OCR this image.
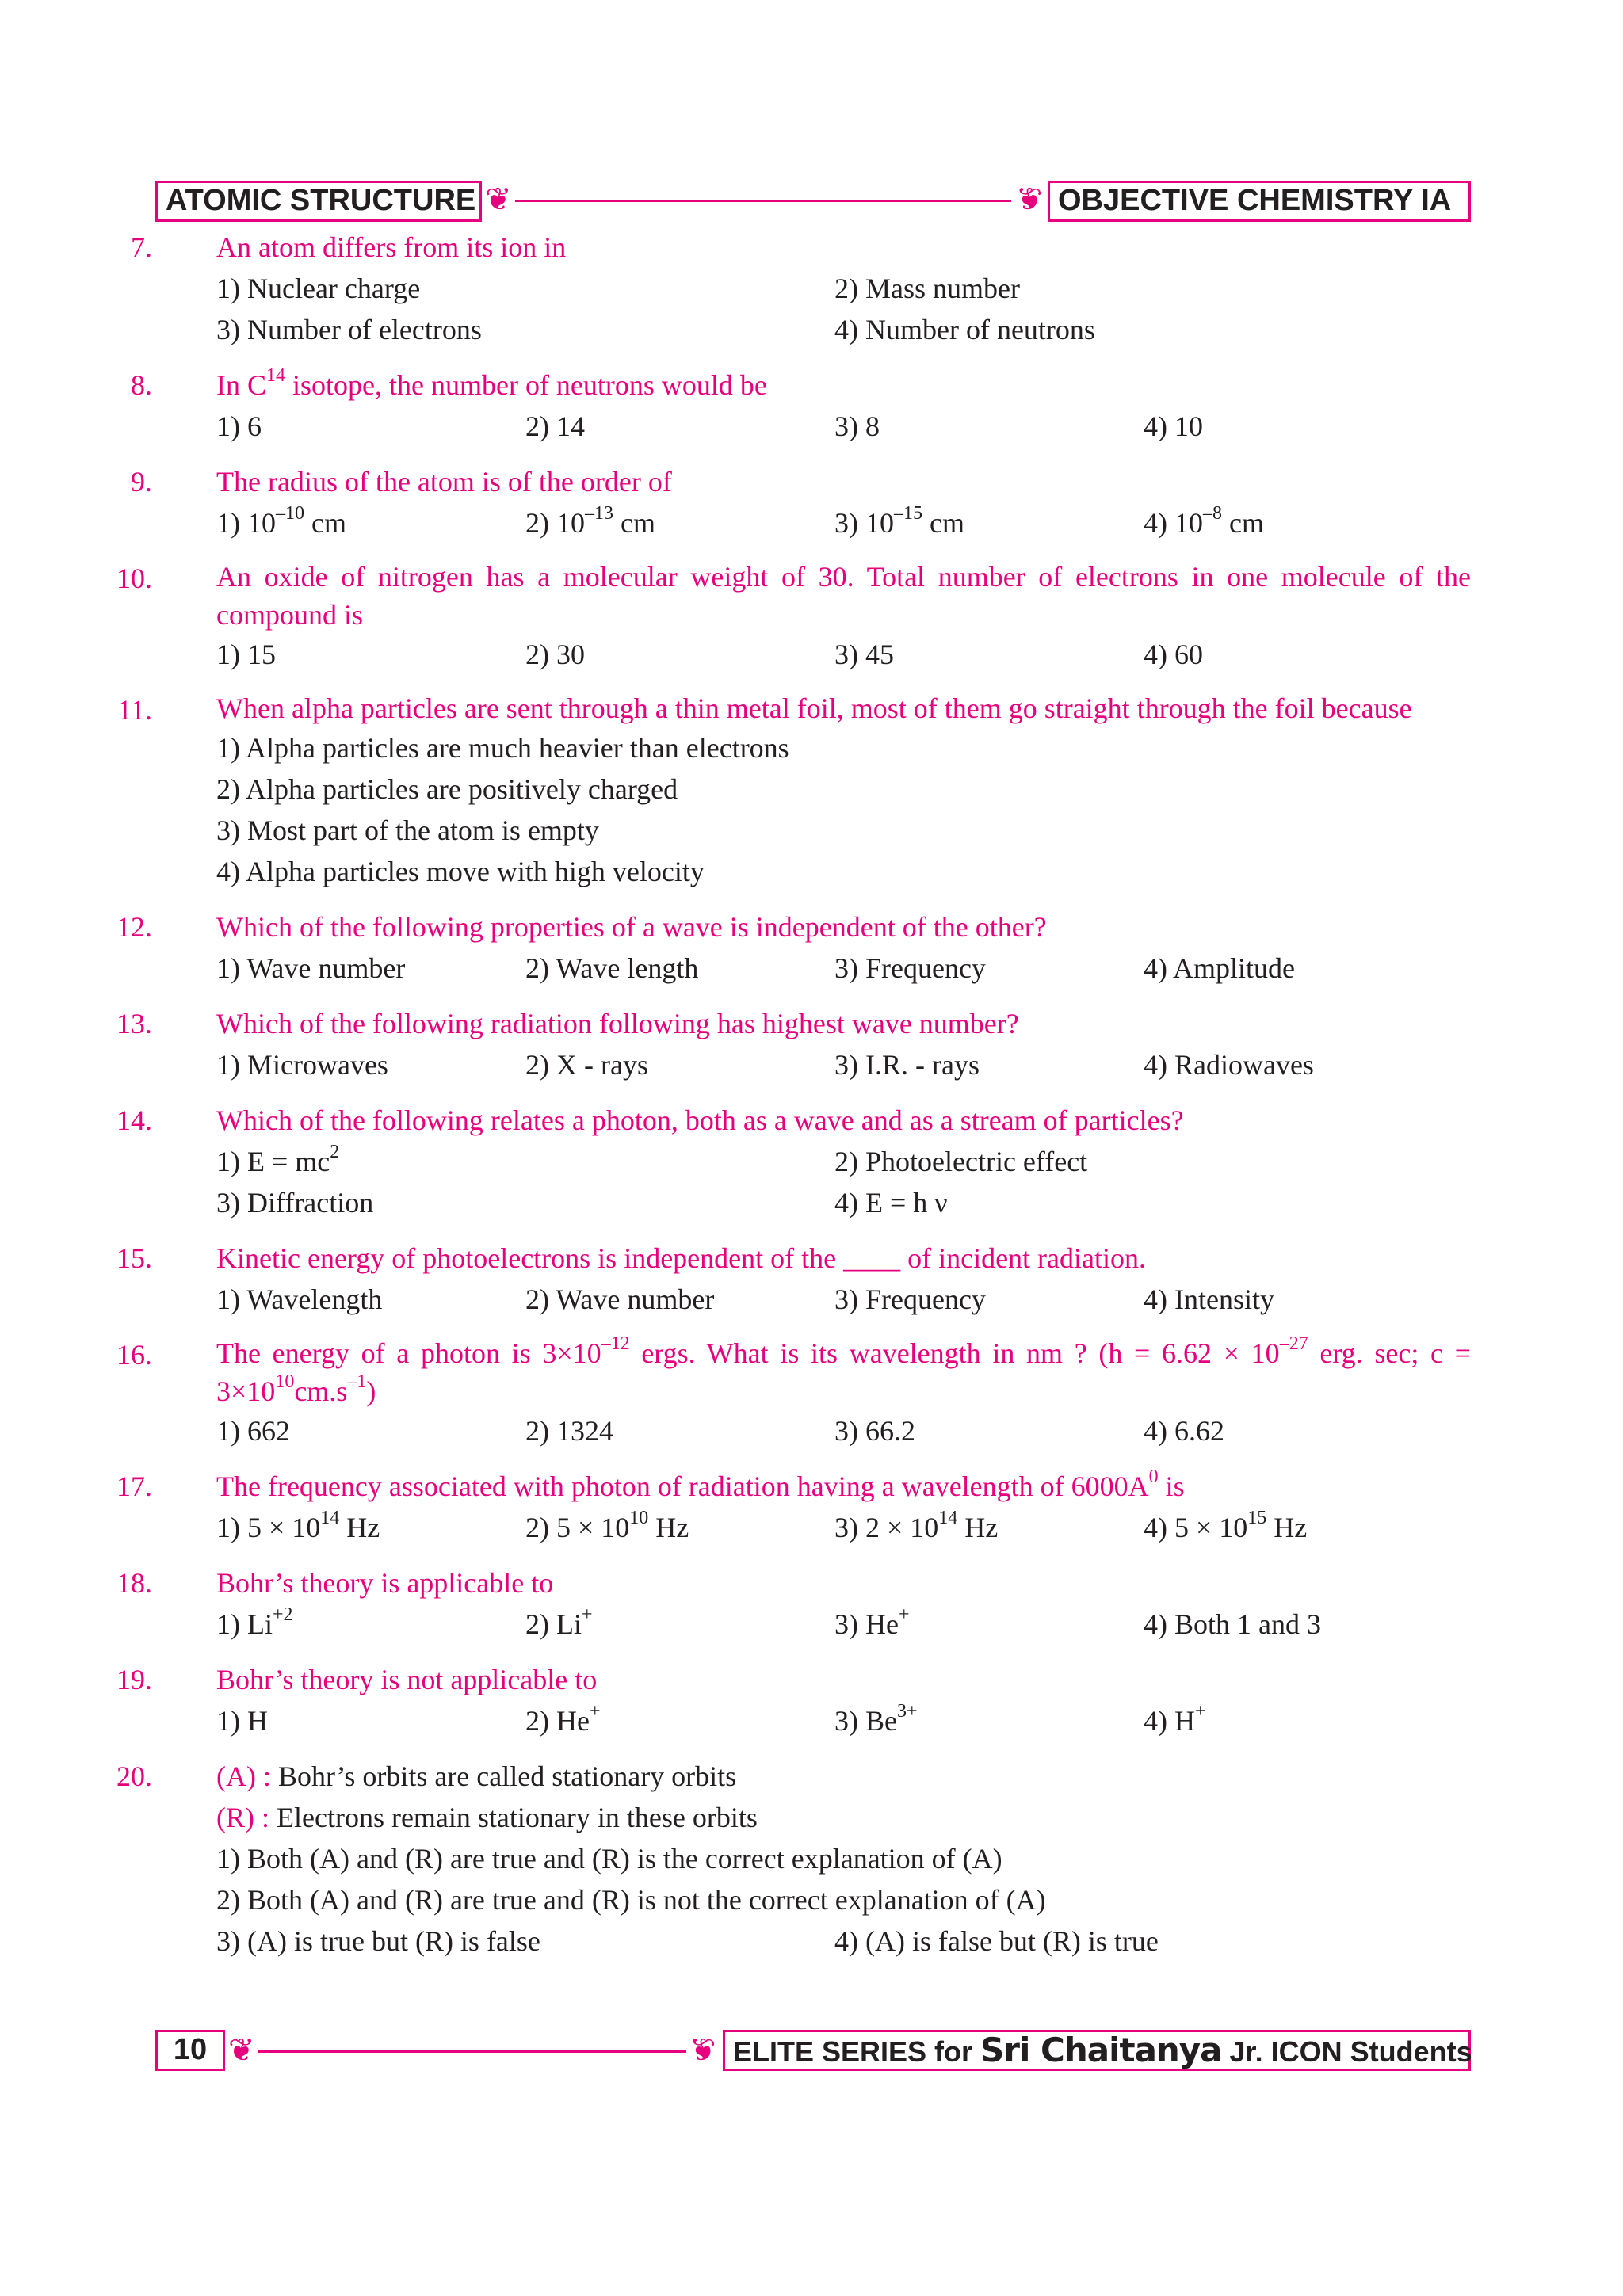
ATOMIC STRUCTURE ❦	❦ OBJECTIVE CHEMISTRY IA
7.	An atom differs from its ion in
1) Nuclear charge	2) Mass number
3) Number of electrons	4) Number of neutrons
8.	In $C^{14}$ isotope, the number of neutrons would be
1) 6	2) 14	3) 8	4) 10
9.	The radius of the atom is of the order of
1) $10^{-10}$ cm	2) $10^{-13}$ cm	3) $10^{-15}$ cm	4) $10^{-8}$ cm
10.	An oxide of nitrogen has a molecular weight of 30. Total number of electrons in one molecule of the compound is
1) 15	2) 30	3) 45	4) 60
11.	When alpha particles are sent through a thin metal foil, most of them go straight through the foil because
1) Alpha particles are much heavier than electrons
2) Alpha particles are positively charged
3) Most part of the atom is empty
4) Alpha particles move with high velocity
12.	Which of the following properties of a wave is independent of the other?
1) Wave number	2) Wave length	3) Frequency	4) Amplitude
13.	Which of the following radiation following has highest wave number?
1) Microwaves	2) X - rays	3) I.R. - rays	4) Radiowaves
14.	Which of the following relates a photon, both as a wave and as a stream of particles?
1) $E = mc^2$	2) Photoelectric effect
3) Diffraction	4) E = h ν
15.	Kinetic energy of photoelectrons is independent of the ____ of incident radiation.
1) Wavelength	2) Wave number	3) Frequency	4) Intensity
16.	The energy of a photon is $3\times 10^{-12}$ ergs. What is its wavelength in nm ? ($h = 6.62 \times 10^{-27}$ erg. sec; $c = 3\times 10^{10}cm.s^{-1}$)
1) 662	2) 1324	3) 66.2	4) 6.62
17.	The frequency associated with photon of radiation having a wavelength of $6000A^0$ is
1) $5 \times 10^{14}$ Hz	2) $5 \times 10^{10}$ Hz	3) $2 \times 10^{14}$ Hz	4) $5 \times 10^{15}$ Hz
18.	Bohr’s theory is applicable to
1) $Li^{+2}$	2) Li+	3) He+	4) Both 1 and 3
19.	Bohr’s theory is not applicable to
1) H	2) He+	3) $Be^{3+}$	4) H+
20. (A) : Bohr’s orbits are called stationary orbits
(R) : Electrons remain stationary in these orbits
1) Both (A) and (R) are true and (R) is the correct explanation of (A)
2) Both (A) and (R) are true and (R) is not the correct explanation of (A)
3) (A) is true but (R) is false	4) (A) is false but (R) is true
10 ❦	❦ ELITE SERIES for Sri Chaitanya Jr. ICON Students
